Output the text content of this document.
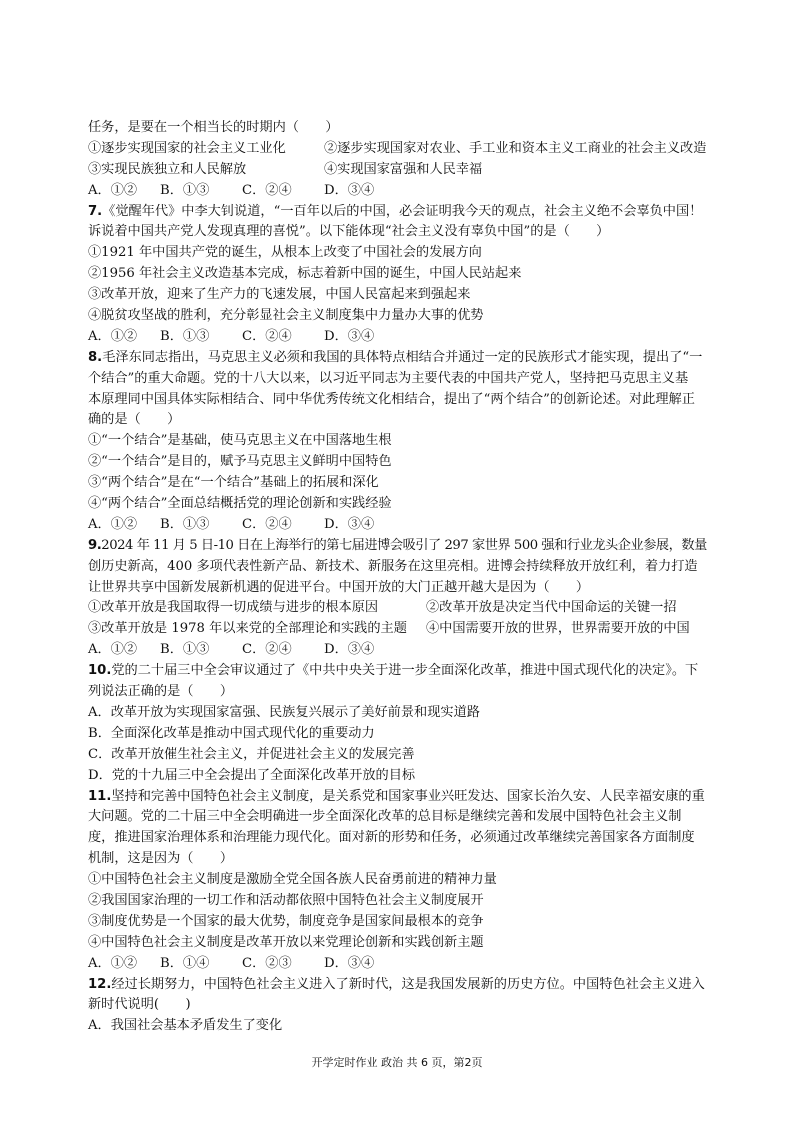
任务，是要在一个相当长的时期内（　　）
①逐步实现国家的社会主义工业化	②逐步实现国家对农业、手工业和资本主义工商业的社会主义改造
③实现民族独立和人民解放	④实现国家富强和人民幸福
A．①② B．①③ C．②④ D．③④
7.《觉醒年代》中李大钊说道，“一百年以后的中国，必会证明我今天的观点，社会主义绝不会辜负中国！
诉说着中国共产党人发现真理的喜悦”。以下能体现“社会主义没有辜负中国”的是（　　）
①1921 年中国共产党的诞生，从根本上改变了中国社会的发展方向
②1956 年社会主义改造基本完成，标志着新中国的诞生，中国人民站起来
③改革开放，迎来了生产力的飞速发展，中国人民富起来到强起来
④脱贫攻坚战的胜利，充分彰显社会主义制度集中力量办大事的优势
A．①② B．①③ C．②④ D．③④
8.毛泽东同志指出，马克思主义必须和我国的具体特点相结合并通过一定的民族形式才能实现，提出了“一
个结合”的重大命题。党的十八大以来，以习近平同志为主要代表的中国共产党人，坚持把马克思主义基
本原理同中国具体实际相结合、同中华优秀传统文化相结合，提出了“两个结合”的创新论述。对此理解正
确的是（　　）
①“一个结合”是基础，使马克思主义在中国落地生根
②“一个结合”是目的，赋予马克思主义鲜明中国特色
③“两个结合”是在“一个结合”基础上的拓展和深化
④“两个结合”全面总结概括党的理论创新和实践经验
A．①② B．①③ C．②④ D．③④
9.2024 年 11 月 5 日-10 日在上海举行的第七届进博会吸引了 297 家世界 500 强和行业龙头企业参展，数量
创历史新高，400 多项代表性新产品、新技术、新服务在这里亮相。进博会持续释放开放红利，着力打造
让世界共享中国新发展新机遇的促进平台。中国开放的大门正越开越大是因为（　　）
①改革开放是我国取得一切成绩与进步的根本原因	②改革开放是决定当代中国命运的关键一招
③改革开放是 1978 年以来党的全部理论和实践的主题	④中国需要开放的世界，世界需要开放的中国
A．①② B．①③ C．②④ D．③④
10.党的二十届三中全会审议通过了《中共中央关于进一步全面深化改革，推进中国式现代化的决定》。下
列说法正确的是（　　）
A．改革开放为实现国家富强、民族复兴展示了美好前景和现实道路
B．全面深化改革是推动中国式现代化的重要动力
C．改革开放催生社会主义，并促进社会主义的发展完善
D．党的十九届三中全会提出了全面深化改革开放的目标
11.坚持和完善中国特色社会主义制度，是关系党和国家事业兴旺发达、国家长治久安、人民幸福安康的重
大问题。党的二十届三中全会明确进一步全面深化改革的总目标是继续完善和发展中国特色社会主义制
度，推进国家治理体系和治理能力现代化。面对新的形势和任务，必须通过改革继续完善国家各方面制度
机制，这是因为（　　）
①中国特色社会主义制度是激励全党全国各族人民奋勇前进的精神力量
②我国国家治理的一切工作和活动都依照中国特色社会主义制度展开
③制度优势是一个国家的最大优势，制度竞争是国家间最根本的竞争
④中国特色社会主义制度是改革开放以来党理论创新和实践创新主题
A．①② B．①④ C．②③ D．③④
12.经过长期努力，中国特色社会主义进入了新时代，这是我国发展新的历史方位。中国特色社会主义进入
新时代说明(　　)
A．我国社会基本矛盾发生了变化
开学定时作业 政治 共 6 页，第2页
